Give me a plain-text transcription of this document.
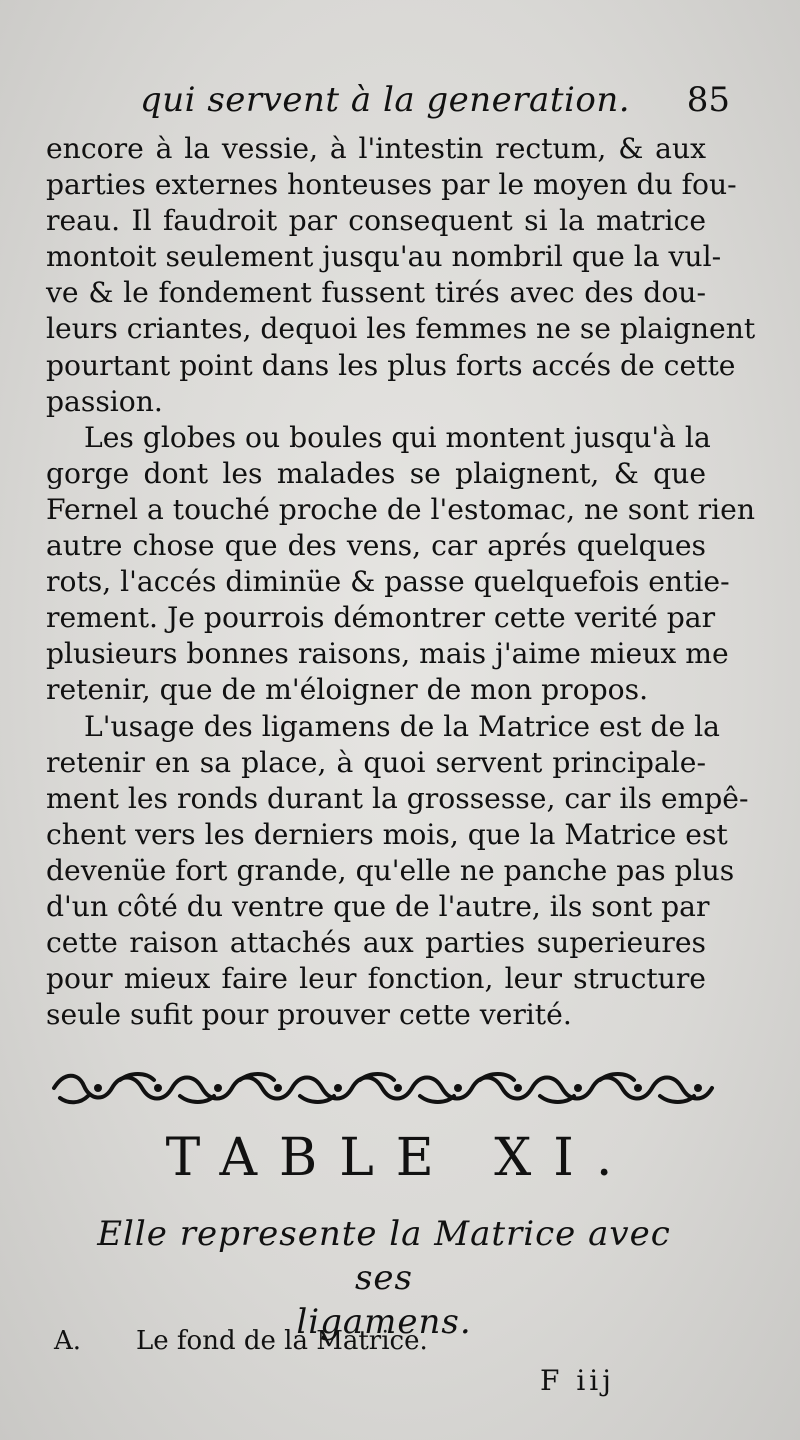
qui servent à la generation. 85
encore à la vessie, à l'intestin rectum, & aux
parties externes honteuses par le moyen du fou-
reau. Il faudroit par consequent si la matrice
montoit seulement jusqu'au nombril que la vul-
ve & le fondement fussent tirés avec des dou-
leurs criantes, dequoi les femmes ne se plaignent
pourtant point dans les plus forts accés de cette
passion.
Les globes ou boules qui montent jusqu'à la
gorge dont les malades se plaignent, & que
Fernel a touché proche de l'estomac, ne sont rien
autre chose que des vens, car aprés quelques
rots, l'accés diminüe & passe quelquefois entie-
rement. Je pourrois démontrer cette verité par
plusieurs bonnes raisons, mais j'aime mieux me
retenir, que de m'éloigner de mon propos.
L'usage des ligamens de la Matrice est de la
retenir en sa place, à quoi servent principale-
ment les ronds durant la grossesse, car ils empê-
chent vers les derniers mois, que la Matrice est
devenüe fort grande, qu'elle ne panche pas plus
d'un côté du ventre que de l'autre, ils sont par
cette raison attachés aux parties superieures
pour mieux faire leur fonction, leur structure
seule sufit pour prouver cette verité.
TABLE XI.
Elle represente la Matrice avec ses
ligamens.
A. Le fond de la Matrice.
F iij
